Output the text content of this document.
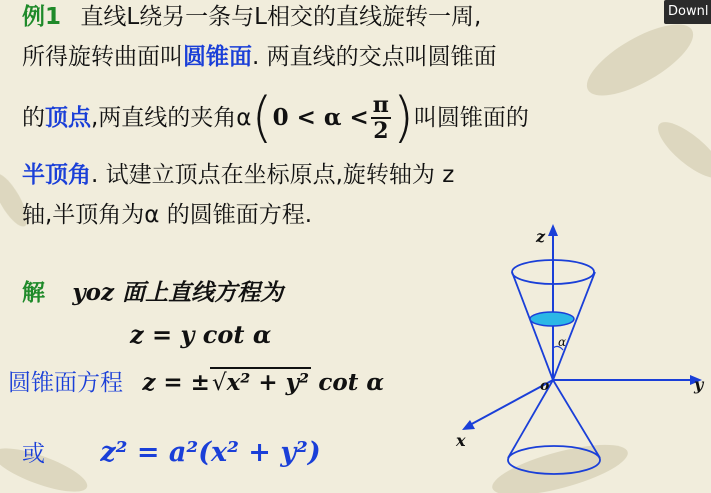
Downl
例1 直线L绕另一条与L相交的直线旋转一周,
所得旋转曲面叫圆锥面. 两直线的交点叫圆锥面
的 顶点 ,两直线的夹角α ( $0 < \alpha < \frac{\pi}{2}$ ) 叫圆锥面的
半顶角. 试建立顶点在坐标原点,旋转轴为 z
轴,半顶角为α 的圆锥面方程.
解 yoz 面上直线方程为
z = y cot α
圆锥面方程 z = ±√x² + y² cot α
或 z² = a²(x² + y²)
z
y
x
o
α
